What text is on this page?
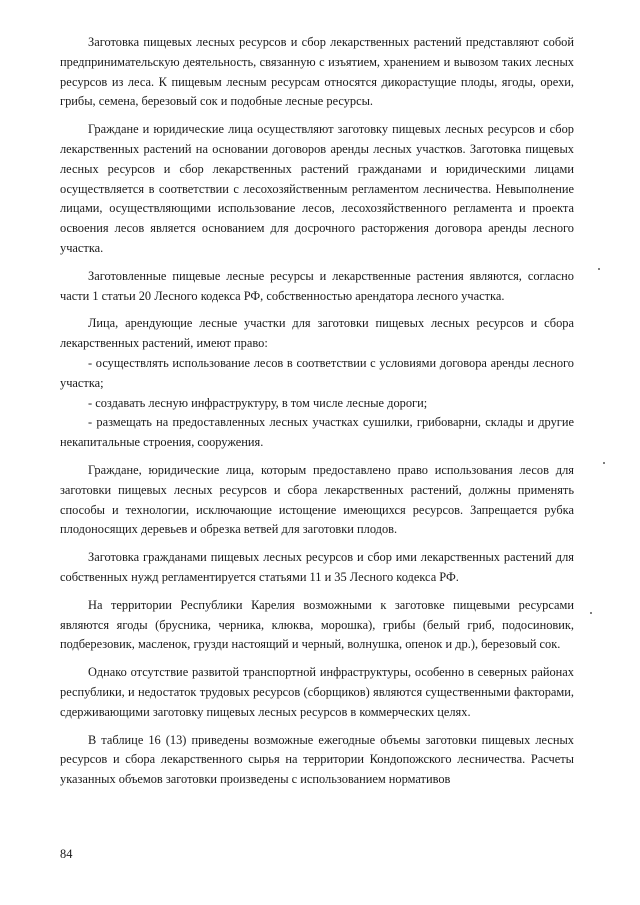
Заготовка пищевых лесных ресурсов и сбор лекарственных растений представляют собой предпринимательскую деятельность, связанную с изъятием, хранением и вывозом таких лесных ресурсов из леса. К пищевым лесным ресурсам относятся дикорастущие плоды, ягоды, орехи, грибы, семена, березовый сок и подобные лесные ресурсы.

Граждане и юридические лица осуществляют заготовку пищевых лесных ресурсов и сбор лекарственных растений на основании договоров аренды лесных участков. Заготовка пищевых лесных ресурсов и сбор лекарственных растений гражданами и юридическими лицами осуществляется в соответствии с лесохозяйственным регламентом лесничества. Невыполнение лицами, осуществляющими использование лесов, лесохозяйственного регламента и проекта освоения лесов является основанием для досрочного расторжения договора аренды лесного участка.

Заготовленные пищевые лесные ресурсы и лекарственные растения являются, согласно части 1 статьи 20 Лесного кодекса РФ, собственностью арендатора лесного участка.

Лица, арендующие лесные участки для заготовки пищевых лесных ресурсов и сбора лекарственных растений, имеют право:

- осуществлять использование лесов в соответствии с условиями договора аренды лесного участка;

- создавать лесную инфраструктуру, в том числе лесные дороги;

- размещать на предоставленных лесных участках сушилки, грибоварни, склады и другие некапитальные строения, сооружения.

Граждане, юридические лица, которым предоставлено право использования лесов для заготовки пищевых лесных ресурсов и сбора лекарственных растений, должны применять способы и технологии, исключающие истощение имеющихся ресурсов. Запрещается рубка плодоносящих деревьев и обрезка ветвей для заготовки плодов.

Заготовка гражданами пищевых лесных ресурсов и сбор ими лекарственных растений для собственных нужд регламентируется статьями 11 и 35 Лесного кодекса РФ.

На территории Республики Карелия возможными к заготовке пищевыми ресурсами являются ягоды (брусника, черника, клюква, морошка), грибы (белый гриб, подосиновик, подберезовик, масленок, грузди настоящий и черный, волнушка, опенок и др.), березовый сок.

Однако отсутствие развитой транспортной инфраструктуры, особенно в северных районах республики, и недостаток трудовых ресурсов (сборщиков) являются существенными факторами, сдерживающими заготовку пищевых лесных ресурсов в коммерческих целях.

В таблице 16 (13) приведены возможные ежегодные объемы заготовки пищевых лесных ресурсов и сбора лекарственного сырья на территории Кондопожского лесничества. Расчеты указанных объемов заготовки произведены с использованием нормативов

84
